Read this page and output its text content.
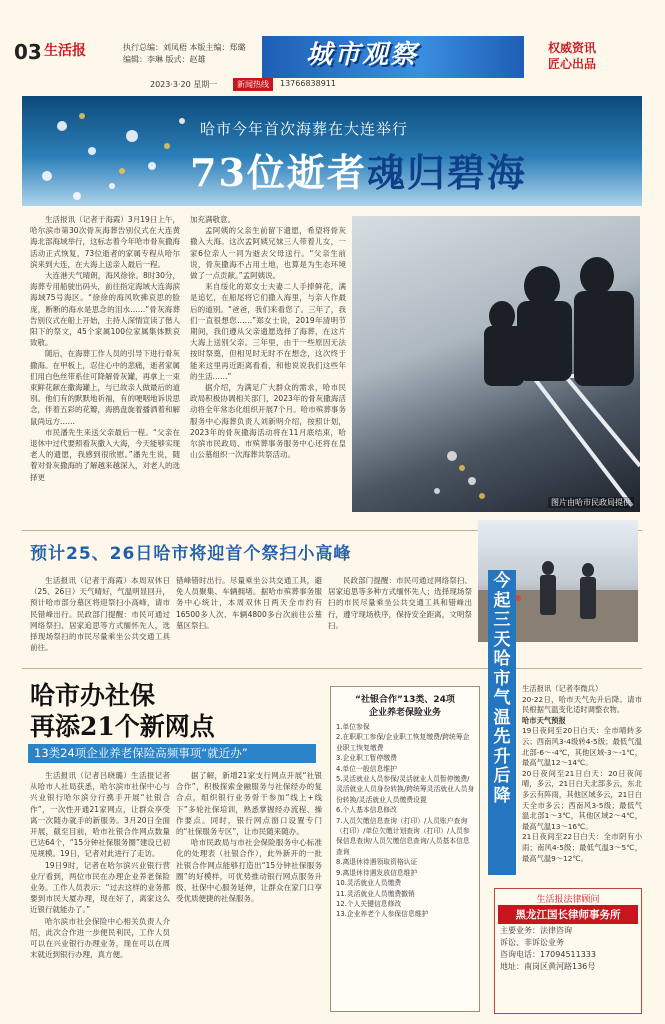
03 生活报	执行总编：刘凤梧 本版主编：郑璐
编辑：李琳 版式：赵雄	城市观察	权威资讯
匠心出品
2023·3·20 星期一	新闻热线	13766838911
哈市今年首次海葬在大连举行
73位逝者魂归碧海

生活报讯（记者于海霞）3月19日上午，哈尔滨市第30次骨灰海葬告别仪式在大连黄海北部海域举行，这标志着今年哈市骨灰撒海活动正式恢复，73位逝者的家属专程从哈尔滨来到大连，在大海上送亲人最后一程。

大连港天气晴朗，海风徐徐。8时30分，海葬专用船驶出码头，前往指定海域大连海滨海域75号海区。“徐徐的海风吹拂哀思的脸庞，断断的海水是思念的泪水……”骨灰海葬告别仪式在船上开始，主持人深情宣读了偕人阳下的祭文，45个家属100位家属集体默哀致敬。

随后，在海葬工作人员的引导下进行骨灰撒海。在甲板上，忍住心中的悲痛，逝者家属们用白色丝带系住可降解骨灰罐，再拿上一束束鲜花献在撒海罐上，与已故亲人做最后的道别。他们有的默默地祈福，有的哽咽地诉说思念，伴着五彩的花瓣，海鸥盘旋着播洒着和解鼠尚远方……

市民潘先生来送父亲最后一程。“父亲在退休中过代要照看灰撒入大海，今天能够实现老人的遗愿，我感到很欣慰。”潘先生说，随着对骨灰撒海的了解越来越深入，对老人的选择更

加充满敬意。

孟阿姨的父亲生前留下遗愿，希望将骨灰撒入大海。这次孟阿姨兄妹三人带着儿女，一家6位亲人一同为逝去父母送行。“父亲生前说，骨灰撒海不占用土地，也算是为生态环境做了一点贡献。”孟阿姨说。

来自绥化的郑女士夫妻二人手捧鲜花，满是追忆，在船尾将它们撒入海里，与亲人作最后的道别。“爸爸，我们来看您了。三年了，我们一直很想您……”郑女士说，2019年清明节期间，我们遵从父亲遗愿选择了海葬，在这片大海上送别父亲。三年里，由于一些原因无法按时祭奠，但相见时无时不在想念，这次终于能来这里再近距离看看，和他说说我们这些年的生活……”

据介绍，为满足广大群众的需求，哈市民政局积极协调相关部门，2023年的骨灰撒海活动将全年常态化组织开展7个月。哈市殡葬事务服务中心海葬负责人刘新明介绍，按照计划，2023年的骨灰撒海活动将在11月底结束，哈尔滨市民政局、市殡葬事务服务中心还将在皇山公墓组织一次海葬共祭活动。

图片由哈市民政局提供
预计25、26日哈市将迎首个祭扫小高峰

生活报讯（记者于海霞）本周双休日（25、26日）天气晴好，气温明显回升，预计哈市部分墓区将迎祭扫小高峰，请市民错峰出行。民政部门提醒：市民可通过网络祭扫、居家追思等方式缅怀先人，选择现场祭扫的市民尽量乘坐公共交通工具前往。

错峰错时出行。尽量乘坐公共交通工具，避免人员聚集、车辆拥堵。据哈市殡葬事务服务中心统计，本周双休日两天全市约有16500多人次、车辆4800多台次前往公墓墓区祭扫。

民政部门提醒：市民可通过网络祭扫、居家追思等多种方式缅怀先人；选择现场祭扫的市民尽量乘坐公共交通工具和错峰出行，遵守现场秩序，保持安全距离，文明祭扫。

哈市办社保
再添21个新网点
13类24项企业养老保险高频事项“就近办”

生活报讯（记者吕晓璐）生活报记者从哈市人社局获悉，哈尔滨市社保中心与兴业银行哈尔滨分行携手开展“社银合作”，一次性开通21家网点，让群众享受离一次随办就手的新服务。3月20日全面开展，截至目前，哈市社银合作网点数量已达64个，“15分钟社保服务圈”建设已初见规模。19日，记者对此进行了走访。

19日9时，记者在哈尔滨兴业银行营业厅看到，两位市民在办理企业养老保险业务。工作人员表示：“过去这样的业务都要到市民大厦办理，现在好了，离家这么近银行就能办了。”

哈尔滨市社会保险中心相关负责人介绍，此次合作进一步便民利民，工作人员可以在兴业银行办理业务，现在可以在周末就近到银行办理，真方便。

据了解，新增21家支行网点开展“社银合作”，积极探索金融服务与社保经办的复合点，组织银行业务骨干参加“线上+线下”多轮社保培训，熟悉掌握经办流程、操作要点。同时，银行网点窗口设置专门的“社保服务专区”，让市民随来随办。

哈市民政局与市社会保险服务中心标准化的处理表（社银合作），此外新开的一批社银合作网点能够打造出“15分钟社保服务圈”的好模样，可优势推动银行网点服务升级、社保中心服务延伸，让群众在家门口享受优质便捷的社保服务。

“社银合作”13类、24项
企业养老保险业务
1.单位参保
2.在职职工参保/企业职工恢复缴费/跨统筹企业职工恢复缴费
3.企业职工暂停缴费
4.单位一般信息维护
5.灵活就业人员参保/灵活就业人员暂停缴费/灵活就业人员身份转换/跨统筹灵活就业人员身份转换/灵活就业人员缴费设置
6.个人基本信息修改
7.人员欠缴信息查询（打印）/人员账户查询（打印）/单位欠缴计划查询（打印）/人员参保信息查询/人员欠缴信息查询/人员基本信息查询
8.离退休待遇领取资格认证
9.离退休待遇发放信息维护
10.灵活就业人员缴费
11.灵活就业人员缴费撤销
12.个人关键信息修改
13.企业养老个人参保信息维护
今起三天哈市气温先升后降

生活报讯（记者李微兵）

20-22日，哈市天气先升后降。请市民根据气温变化适时调整衣物。

哈市天气预报

19日夜间至20日白天：全市晴转多云；西南风3-4级转4-5级；最低气温北部-6～-4℃，其他区域-3～-1℃，最高气温12～14℃。

20日夜间至21日白天：20日夜间晴，多云，21日白天北部多云，东北多云有阵雨，其他区域多云，21日白天全市多云；西南风3-5级；最低气温北部1～3℃，其他区域2～4℃，最高气温13～16℃。

21日夜间至22日白天：全市阴有小雨；南风4-5级；最低气温3～5℃，最高气温9～12℃。

生活报法律顾问
黑龙江国长律师事务所
主要业务：法律咨询
诉讼、非诉讼业务
咨询电话：17094511333
地址：南岗区黄河路136号
